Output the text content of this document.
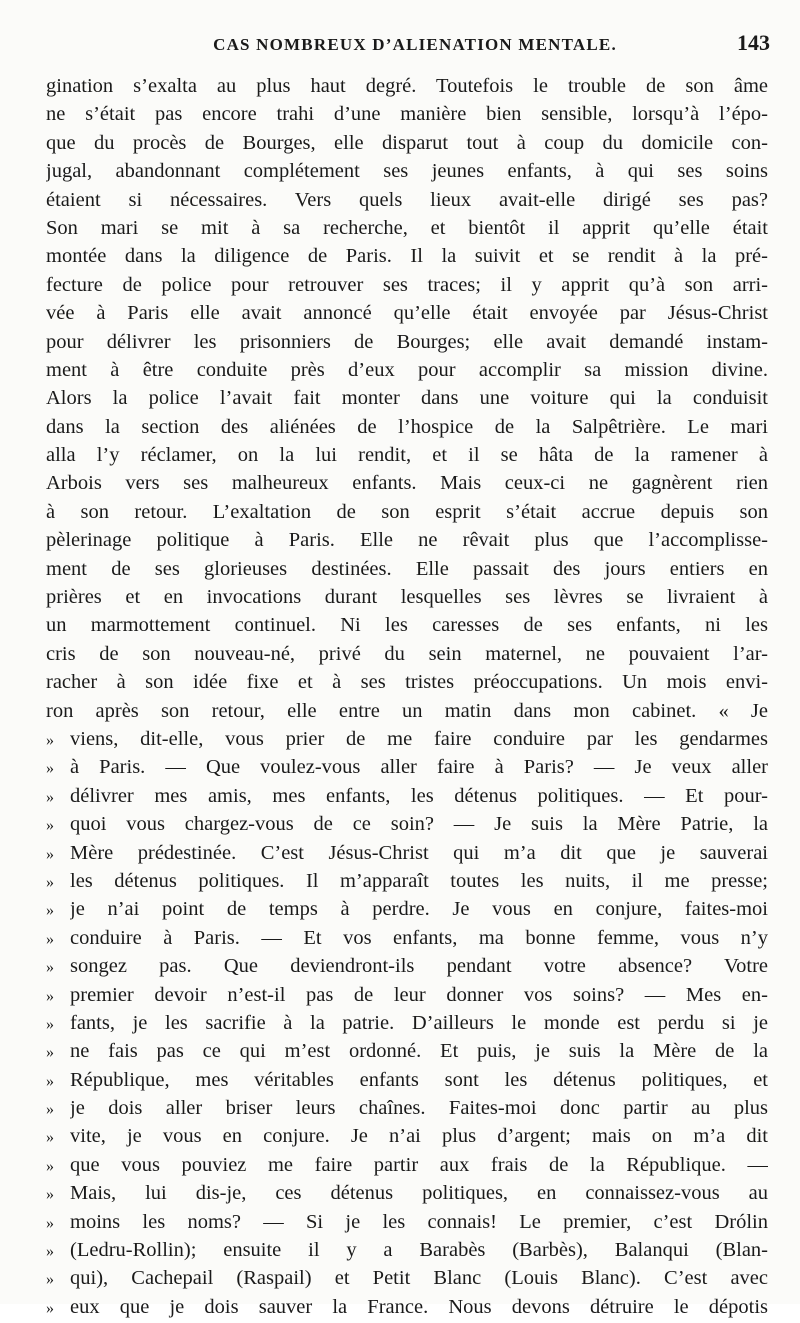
CAS NOMBREUX D’ALIENATION MENTALE.	143
gination s’exalta au plus haut degré. Toutefois le trouble de son âme
ne s’était pas encore trahi d’une manière bien sensible, lorsqu’à l’épo-
que du procès de Bourges, elle disparut tout à coup du domicile con-
jugal, abandonnant complétement ses jeunes enfants, à qui ses soins
étaient si nécessaires. Vers quels lieux avait-elle dirigé ses pas?
Son mari se mit à sa recherche, et bientôt il apprit qu’elle était
montée dans la diligence de Paris. Il la suivit et se rendit à la pré-
fecture de police pour retrouver ses traces; il y apprit qu’à son arri-
vée à Paris elle avait annoncé qu’elle était envoyée par Jésus-Christ
pour délivrer les prisonniers de Bourges; elle avait demandé instam-
ment à être conduite près d’eux pour accomplir sa mission divine.
Alors la police l’avait fait monter dans une voiture qui la conduisit
dans la section des aliénées de l’hospice de la Salpêtrière. Le mari
alla l’y réclamer, on la lui rendit, et il se hâta de la ramener à
Arbois vers ses malheureux enfants. Mais ceux-ci ne gagnèrent rien
à son retour. L’exaltation de son esprit s’était accrue depuis son
pèlerinage politique à Paris. Elle ne rêvait plus que l’accomplisse-
ment de ses glorieuses destinées. Elle passait des jours entiers en
prières et en invocations durant lesquelles ses lèvres se livraient à
un marmottement continuel. Ni les caresses de ses enfants, ni les
cris de son nouveau-né, privé du sein maternel, ne pouvaient l’ar-
racher à son idée fixe et à ses tristes préoccupations. Un mois envi-
ron après son retour, elle entre un matin dans mon cabinet. « Je
» viens, dit-elle, vous prier de me faire conduire par les gendarmes
» à Paris. — Que voulez-vous aller faire à Paris? — Je veux aller
» délivrer mes amis, mes enfants, les détenus politiques. — Et pour-
» quoi vous chargez-vous de ce soin? — Je suis la Mère Patrie, la
» Mère prédestinée. C’est Jésus-Christ qui m’a dit que je sauverai
» les détenus politiques. Il m’apparaît toutes les nuits, il me presse;
» je n’ai point de temps à perdre. Je vous en conjure, faites-moi
» conduire à Paris. — Et vos enfants, ma bonne femme, vous n’y
» songez pas. Que deviendront-ils pendant votre absence? Votre
» premier devoir n’est-il pas de leur donner vos soins? — Mes en-
» fants, je les sacrifie à la patrie. D’ailleurs le monde est perdu si je
» ne fais pas ce qui m’est ordonné. Et puis, je suis la Mère de la
» République, mes véritables enfants sont les détenus politiques, et
» je dois aller briser leurs chaînes. Faites-moi donc partir au plus
» vite, je vous en conjure. Je n’ai plus d’argent; mais on m’a dit
» que vous pouviez me faire partir aux frais de la République. —
» Mais, lui dis-je, ces détenus politiques, en connaissez-vous au
» moins les noms? — Si je les connais! Le premier, c’est Drólin
» (Ledru-Rollin); ensuite il y a Barabès (Barbès), Balanqui (Blan-
» qui), Cachepail (Raspail) et Petit Blanc (Louis Blanc). C’est avec
» eux que je dois sauver la France. Nous devons détruire le dépotis
